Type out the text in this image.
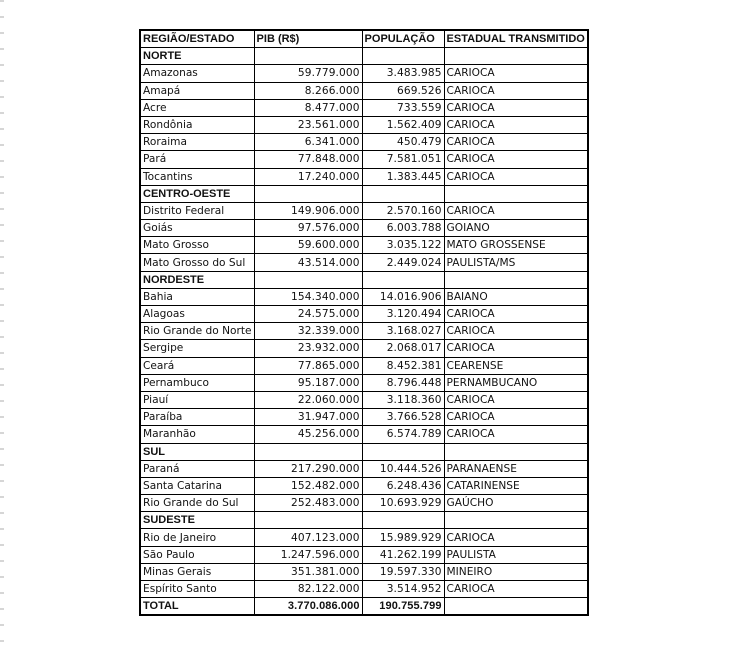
REGIÃO/ESTADO	PIB (R$)	POPULAÇÃO	ESTADUAL TRANSMITIDO
NORTE			
Amazonas	59.779.000	3.483.985	CARIOCA
Amapá	8.266.000	669.526	CARIOCA
Acre	8.477.000	733.559	CARIOCA
Rondônia	23.561.000	1.562.409	CARIOCA
Roraima	6.341.000	450.479	CARIOCA
Pará	77.848.000	7.581.051	CARIOCA
Tocantins	17.240.000	1.383.445	CARIOCA
CENTRO-OESTE			
Distrito Federal	149.906.000	2.570.160	CARIOCA
Goiás	97.576.000	6.003.788	GOIANO
Mato Grosso	59.600.000	3.035.122	MATO GROSSENSE
Mato Grosso do Sul	43.514.000	2.449.024	PAULISTA/MS
NORDESTE			
Bahia	154.340.000	14.016.906	BAIANO
Alagoas	24.575.000	3.120.494	CARIOCA
Rio Grande do Norte	32.339.000	3.168.027	CARIOCA
Sergipe	23.932.000	2.068.017	CARIOCA
Ceará	77.865.000	8.452.381	CEARENSE
Pernambuco	95.187.000	8.796.448	PERNAMBUCANO
Piauí	22.060.000	3.118.360	CARIOCA
Paraíba	31.947.000	3.766.528	CARIOCA
Maranhão	45.256.000	6.574.789	CARIOCA
SUL			
Paraná	217.290.000	10.444.526	PARANAENSE
Santa Catarina	152.482.000	6.248.436	CATARINENSE
Rio Grande do Sul	252.483.000	10.693.929	GAÚCHO
SUDESTE			
Rio de Janeiro	407.123.000	15.989.929	CARIOCA
São Paulo	1.247.596.000	41.262.199	PAULISTA
Minas Gerais	351.381.000	19.597.330	MINEIRO
Espírito Santo	82.122.000	3.514.952	CARIOCA
TOTAL	3.770.086.000	190.755.799	
